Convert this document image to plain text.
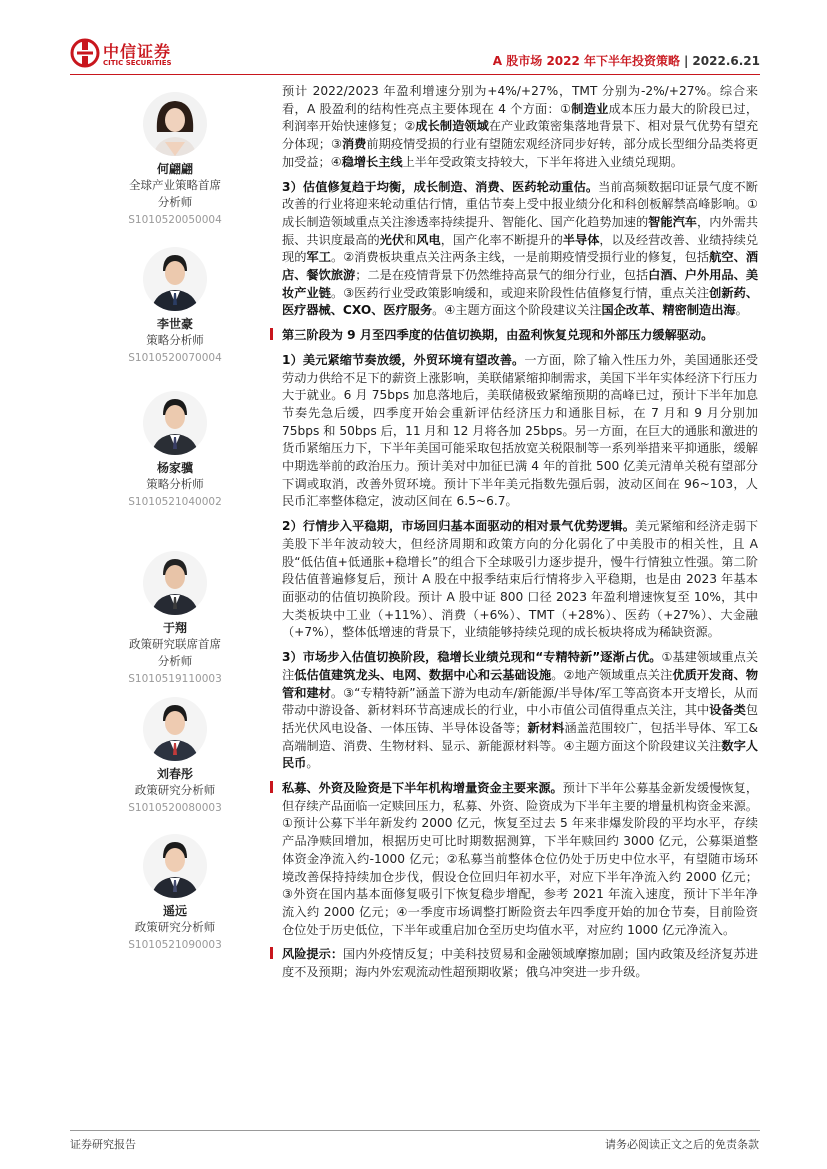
中信证券
CITIC SECURITIES	A 股市场 2022 年下半年投资策略 | 2022.6.21
何翩翩
全球产业策略首席
分析师
S1010520050004
李世豪
策略分析师
S1010520070004
杨家骥
策略分析师
S1010521040002
于翔
政策研究联席首席
分析师
S1010519110003
刘春彤
政策研究分析师
S1010520080003
遥远
政策研究分析师
S1010521090003

预计 2022/2023 年盈利增速分别为+4%/+27%，TMT 分别为-2%/+27%。综合来看，A 股盈利的结构性亮点主要体现在 4 个方面：①制造业成本压力最大的阶段已过，利润率开始快速修复；②成长制造领域在产业政策密集落地背景下、相对景气优势有望充分体现；③消费前期疫情受损的行业有望随宏观经济同步好转，部分成长型细分品类将更加受益；④稳增长主线上半年受政策支持较大，下半年将进入业绩兑现期。

3）估值修复趋于均衡，成长制造、消费、医药轮动重估。当前高频数据印证景气度不断改善的行业将迎来轮动重估行情，重估节奏上受中报业绩分化和科创板解禁高峰影响。①成长制造领域重点关注渗透率持续提升、智能化、国产化趋势加速的智能汽车，内外需共振、共识度最高的光伏和风电，国产化率不断提升的半导体，以及经营改善、业绩持续兑现的军工。②消费板块重点关注两条主线，一是前期疫情受损行业的修复，包括航空、酒店、餐饮旅游；二是在疫情背景下仍然维持高景气的细分行业，包括白酒、户外用品、美妆产业链。③医药行业受政策影响缓和，或迎来阶段性估值修复行情，重点关注创新药、医疗器械、CXO、医疗服务。④主题方面这个阶段建议关注国企改革、精密制造出海。

第三阶段为 9 月至四季度的估值切换期，由盈利恢复兑现和外部压力缓解驱动。

1）美元紧缩节奏放缓，外贸环境有望改善。一方面，除了输入性压力外，美国通胀还受劳动力供给不足下的薪资上涨影响，美联储紧缩抑制需求，美国下半年实体经济下行压力大于就业。6 月 75bps 加息落地后，美联储极致紧缩预期的高峰已过，预计下半年加息节奏先急后缓，四季度开始会重新评估经济压力和通胀目标，在 7 月和 9 月分别加 75bps 和 50bps 后，11 月和 12 月将各加 25bps。另一方面，在巨大的通胀和激进的货币紧缩压力下，下半年美国可能采取包括放宽关税限制等一系列举措来平抑通胀，缓解中期选举前的政治压力。预计美对中加征已满 4 年的首批 500 亿美元清单关税有望部分下调或取消，改善外贸环境。预计下半年美元指数先强后弱，波动区间在 96~103，人民币汇率整体稳定，波动区间在 6.5~6.7。

2）行情步入平稳期，市场回归基本面驱动的相对景气优势逻辑。美元紧缩和经济走弱下美股下半年波动较大，但经济周期和政策方向的分化弱化了中美股市的相关性，且 A 股“低估值+低通胀+稳增长”的组合下全球吸引力逐步提升，慢牛行情独立性强。第二阶段估值普遍修复后，预计 A 股在中报季结束后行情将步入平稳期，也是由 2023 年基本面驱动的估值切换阶段。预计 A 股中证 800 口径 2023 年盈利增速恢复至 10%，其中大类板块中工业（+11%）、消费（+6%）、TMT（+28%）、医药（+27%）、大金融（+7%），整体低增速的背景下，业绩能够持续兑现的成长板块将成为稀缺资源。

3）市场步入估值切换阶段，稳增长业绩兑现和“专精特新”逐渐占优。①基建领域重点关注低估值建筑龙头、电网、数据中心和云基础设施。②地产领域重点关注优质开发商、物管和建材。③“专精特新”涵盖下游为电动车/新能源/半导体/军工等高资本开支增长，从而带动中游设备、新材料环节高速成长的行业，中小市值公司值得重点关注，其中设备类包括光伏风电设备、一体压铸、半导体设备等；新材料涵盖范围较广，包括半导体、军工&高端制造、消费、生物材料、显示、新能源材料等。④主题方面这个阶段建议关注数字人民币。

私募、外资及险资是下半年机构增量资金主要来源。预计下半年公募基金新发缓慢恢复，但存续产品面临一定赎回压力，私募、外资、险资成为下半年主要的增量机构资金来源。①预计公募下半年新发约 2000 亿元，恢复至过去 5 年来非爆发阶段的平均水平，存续产品净赎回增加，根据历史可比时期数据测算，下半年赎回约 3000 亿元，公募渠道整体资金净流入约-1000 亿元；②私募当前整体仓位仍处于历史中位水平，有望随市场环境改善保持持续加仓步伐，假设仓位回归年初水平，对应下半年净流入约 2000 亿元；③外资在国内基本面修复吸引下恢复稳步增配，参考 2021 年流入速度，预计下半年净流入约 2000 亿元；④一季度市场调整打断险资去年四季度开始的加仓节奏，目前险资仓位处于历史低位，下半年或重启加仓至历史均值水平，对应约 1000 亿元净流入。

风险提示：国内外疫情反复；中美科技贸易和金融领域摩擦加剧；国内政策及经济复苏进度不及预期；海内外宏观流动性超预期收紧；俄乌冲突进一步升级。

证券研究报告	请务必阅读正文之后的免责条款
